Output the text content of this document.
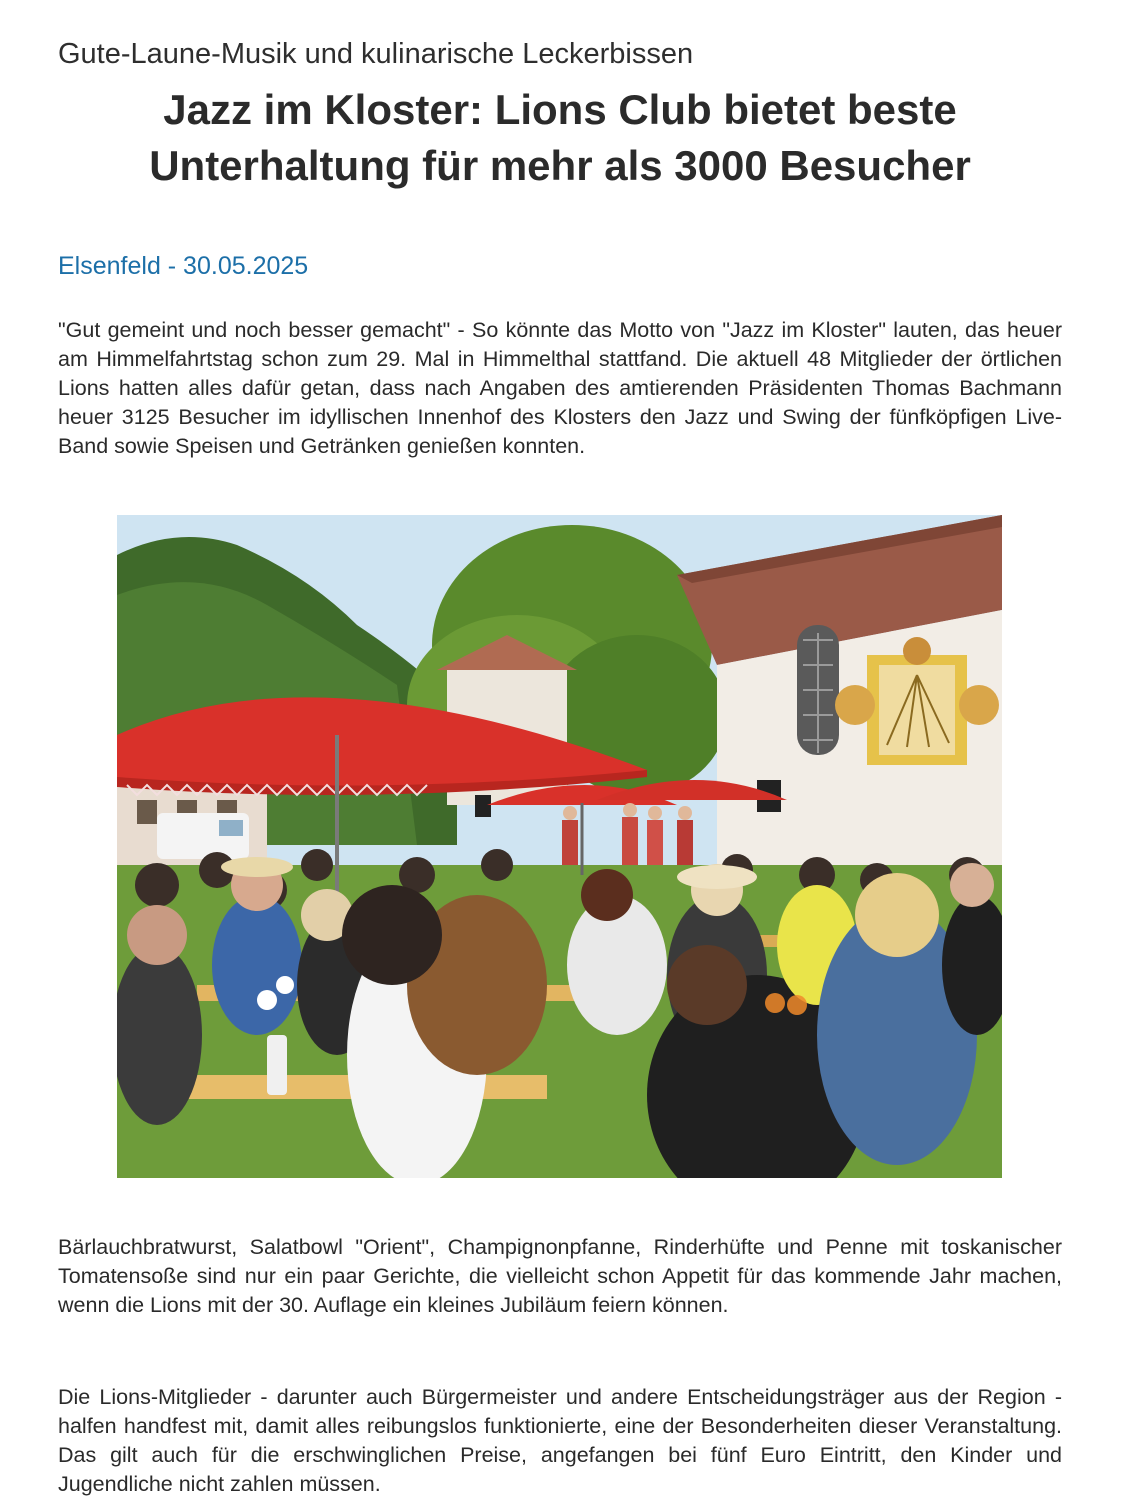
Gute-Laune-Musik und kulinarische Leckerbissen
Jazz im Kloster: Lions Club bietet beste Unterhaltung für mehr als 3000 Besucher
Elsenfeld - 30.05.2025

"Gut gemeint und noch besser gemacht" - So könnte das Motto von "Jazz im Kloster" lauten, das heuer am Himmelfahrtstag schon zum 29. Mal in Himmelthal stattfand. Die aktuell 48 Mitglieder der örtlichen Lions hatten alles dafür getan, dass nach Angaben des amtierenden Präsidenten Thomas Bachmann heuer 3125 Besucher im idyllischen Innenhof des Klosters den Jazz und Swing der fünfköpfigen Live-Band sowie Speisen und Getränken genießen konnten.

Bärlauchbratwurst, Salatbowl "Orient", Champignonpfanne, Rinderhüfte und Penne mit toskanischer Tomatensoße sind nur ein paar Gerichte, die vielleicht schon Appetit für das kommende Jahr machen, wenn die Lions mit der 30. Auflage ein kleines Jubiläum feiern können.

Die Lions-Mitglieder - darunter auch Bürgermeister und andere Entscheidungsträger aus der Region - halfen handfest mit, damit alles reibungslos funktionierte, eine der Besonderheiten dieser Veranstaltung. Das gilt auch für die erschwinglichen Preise, angefangen bei fünf Euro Eintritt, den Kinder und Jugendliche nicht zahlen müssen.
